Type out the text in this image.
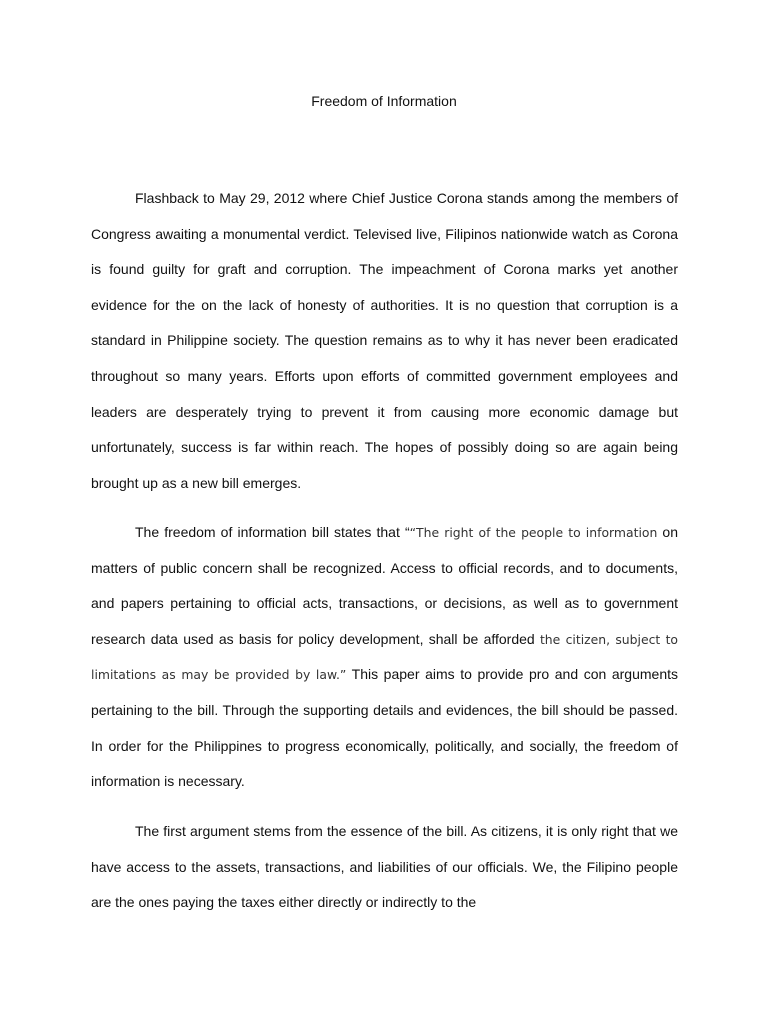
Freedom of Information

Flashback to May 29, 2012 where Chief Justice Corona stands among the members of Congress awaiting a monumental verdict. Televised live, Filipinos nationwide watch as Corona is found guilty for graft and corruption. The impeachment of Corona marks yet another evidence for the on the lack of honesty of authorities. It is no question that corruption is a standard in Philippine society. The question remains as to why it has never been eradicated throughout so many years. Efforts upon efforts of committed government employees and leaders are desperately trying to prevent it from causing more economic damage but unfortunately, success is far within reach. The hopes of possibly doing so are again being brought up as a new bill emerges.

The freedom of information bill states that ““The right of the people to information on matters of public concern shall be recognized. Access to official records, and to documents, and papers pertaining to official acts, transactions, or decisions, as well as to government research data used as basis for policy development, shall be afforded the citizen, subject to limitations as may be provided by law.” This paper aims to provide pro and con arguments pertaining to the bill. Through the supporting details and evidences, the bill should be passed. In order for the Philippines to progress economically, politically, and socially, the freedom of information is necessary.

The first argument stems from the essence of the bill. As citizens, it is only right that we have access to the assets, transactions, and liabilities of our officials. We, the Filipino people are the ones paying the taxes either directly or indirectly to the
